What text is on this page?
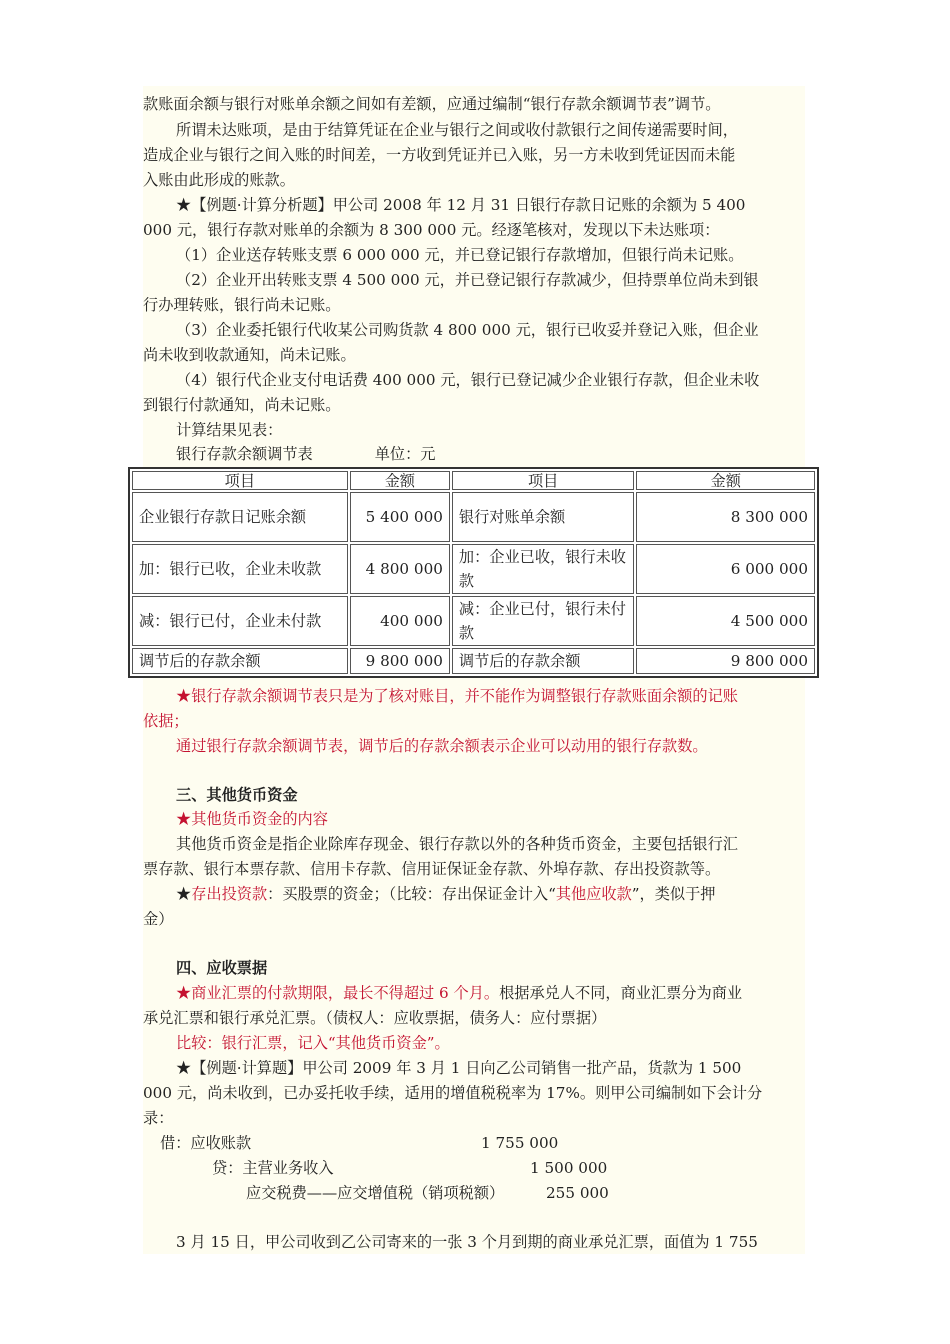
款账面余额与银行对账单余额之间如有差额，应通过编制“银行存款余额调节表”调节。
所谓未达账项，是由于结算凭证在企业与银行之间或收付款银行之间传递需要时间，
造成企业与银行之间入账的时间差，一方收到凭证并已入账，另一方未收到凭证因而未能
入账由此形成的账款。
★【例题·计算分析题】甲公司 2008 年 12 月 31 日银行存款日记账的余额为 5 400
000 元，银行存款对账单的余额为 8 300 000 元。经逐笔核对，发现以下未达账项：
（1）企业送存转账支票 6 000 000 元，并已登记银行存款增加，但银行尚未记账。
（2）企业开出转账支票 4 500 000 元，并已登记银行存款减少，但持票单位尚未到银
行办理转账，银行尚未记账。
（3）企业委托银行代收某公司购货款 4 800 000 元，银行已收妥并登记入账，但企业
尚未收到收款通知，尚未记账。
（4）银行代企业支付电话费 400 000 元，银行已登记减少企业银行存款，但企业未收
到银行付款通知，尚未记账。
计算结果见表：
银行存款余额调节表	单位：元
项目	金额	项目	金额
企业银行存款日记账余额	5 400 000	银行对账单余额	8 300 000
加：银行已收，企业未收款	4 800 000	加：企业已收，银行未收款	6 000 000
减：银行已付，企业未付款	400 000	减：企业已付，银行未付款	4 500 000
调节后的存款余额	9 800 000	调节后的存款余额	9 800 000
★银行存款余额调节表只是为了核对账目，并不能作为调整银行存款账面余额的记账
依据；
通过银行存款余额调节表，调节后的存款余额表示企业可以动用的银行存款数。
三、其他货币资金
★其他货币资金的内容
其他货币资金是指企业除库存现金、银行存款以外的各种货币资金，主要包括银行汇
票存款、银行本票存款、信用卡存款、信用证保证金存款、外埠存款、存出投资款等。
★存出投资款：买股票的资金；（比较：存出保证金计入“其他应收款”，类似于押
金）
四、应收票据
★商业汇票的付款期限，最长不得超过 6 个月。根据承兑人不同，商业汇票分为商业
承兑汇票和银行承兑汇票。（债权人：应收票据，债务人：应付票据）
比较：银行汇票，记入“其他货币资金”。
★【例题·计算题】甲公司 2009 年 3 月 1 日向乙公司销售一批产品，货款为 1 500
000 元，尚未收到，已办妥托收手续，适用的增值税税率为 17%。则甲公司编制如下会计分
录：
借：应收账款	1 755 000
贷：主营业务收入	1 500 000
应交税费——应交增值税（销项税额）	255 000
3 月 15 日，甲公司收到乙公司寄来的一张 3 个月到期的商业承兑汇票，面值为 1 755
